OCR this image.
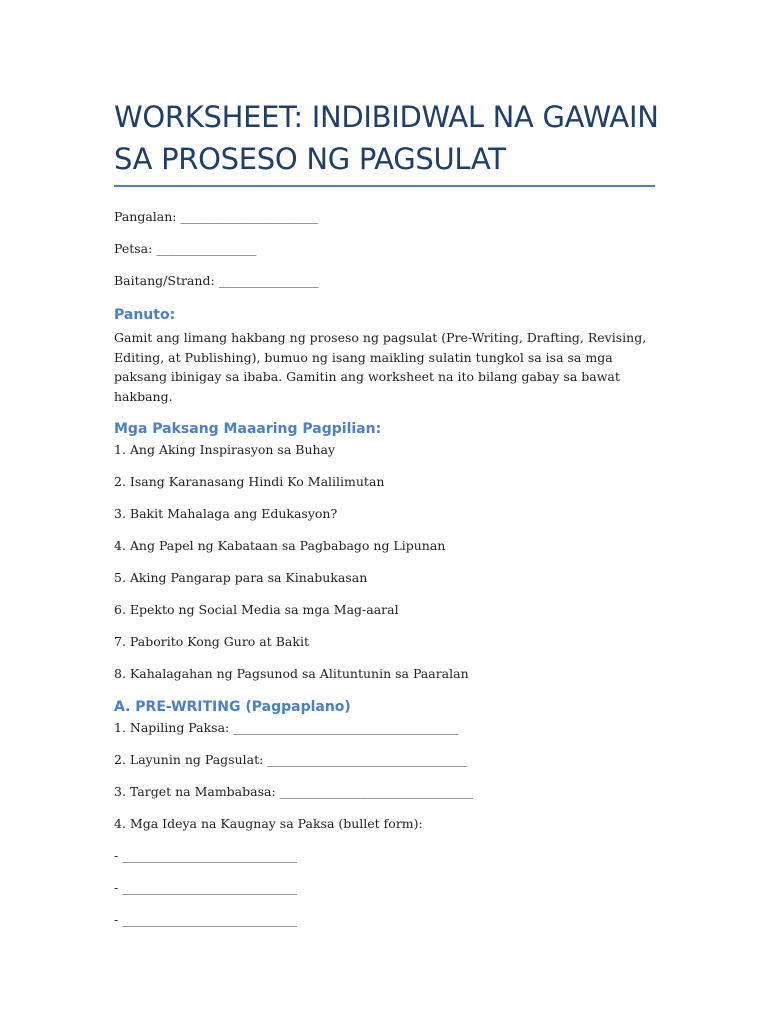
WORKSHEET: INDIBIDWAL NA GAWAIN
SA PROSESO NG PAGSULAT

Pangalan: ______________________

Petsa: ________________

Baitang/Strand: ________________

Panuto:

Gamit ang limang hakbang ng proseso ng pagsulat (Pre-Writing, Drafting, Revising, Editing, at Publishing), bumuo ng isang maikling sulatin tungkol sa isa sa mga paksang ibinigay sa ibaba. Gamitin ang worksheet na ito bilang gabay sa bawat hakbang.

Mga Paksang Maaaring Pagpilian:

1. Ang Aking Inspirasyon sa Buhay

2. Isang Karanasang Hindi Ko Malilimutan

3. Bakit Mahalaga ang Edukasyon?

4. Ang Papel ng Kabataan sa Pagbabago ng Lipunan

5. Aking Pangarap para sa Kinabukasan

6. Epekto ng Social Media sa mga Mag-aaral

7. Paborito Kong Guro at Bakit

8. Kahalagahan ng Pagsunod sa Alituntunin sa Paaralan

A. PRE-WRITING (Pagpaplano)

1. Napiling Paksa: ____________________________________

2. Layunin ng Pagsulat: ________________________________

3. Target na Mambabasa: _______________________________

4. Mga Ideya na Kaugnay sa Paksa (bullet form):

- ____________________________

- ____________________________

- ____________________________
